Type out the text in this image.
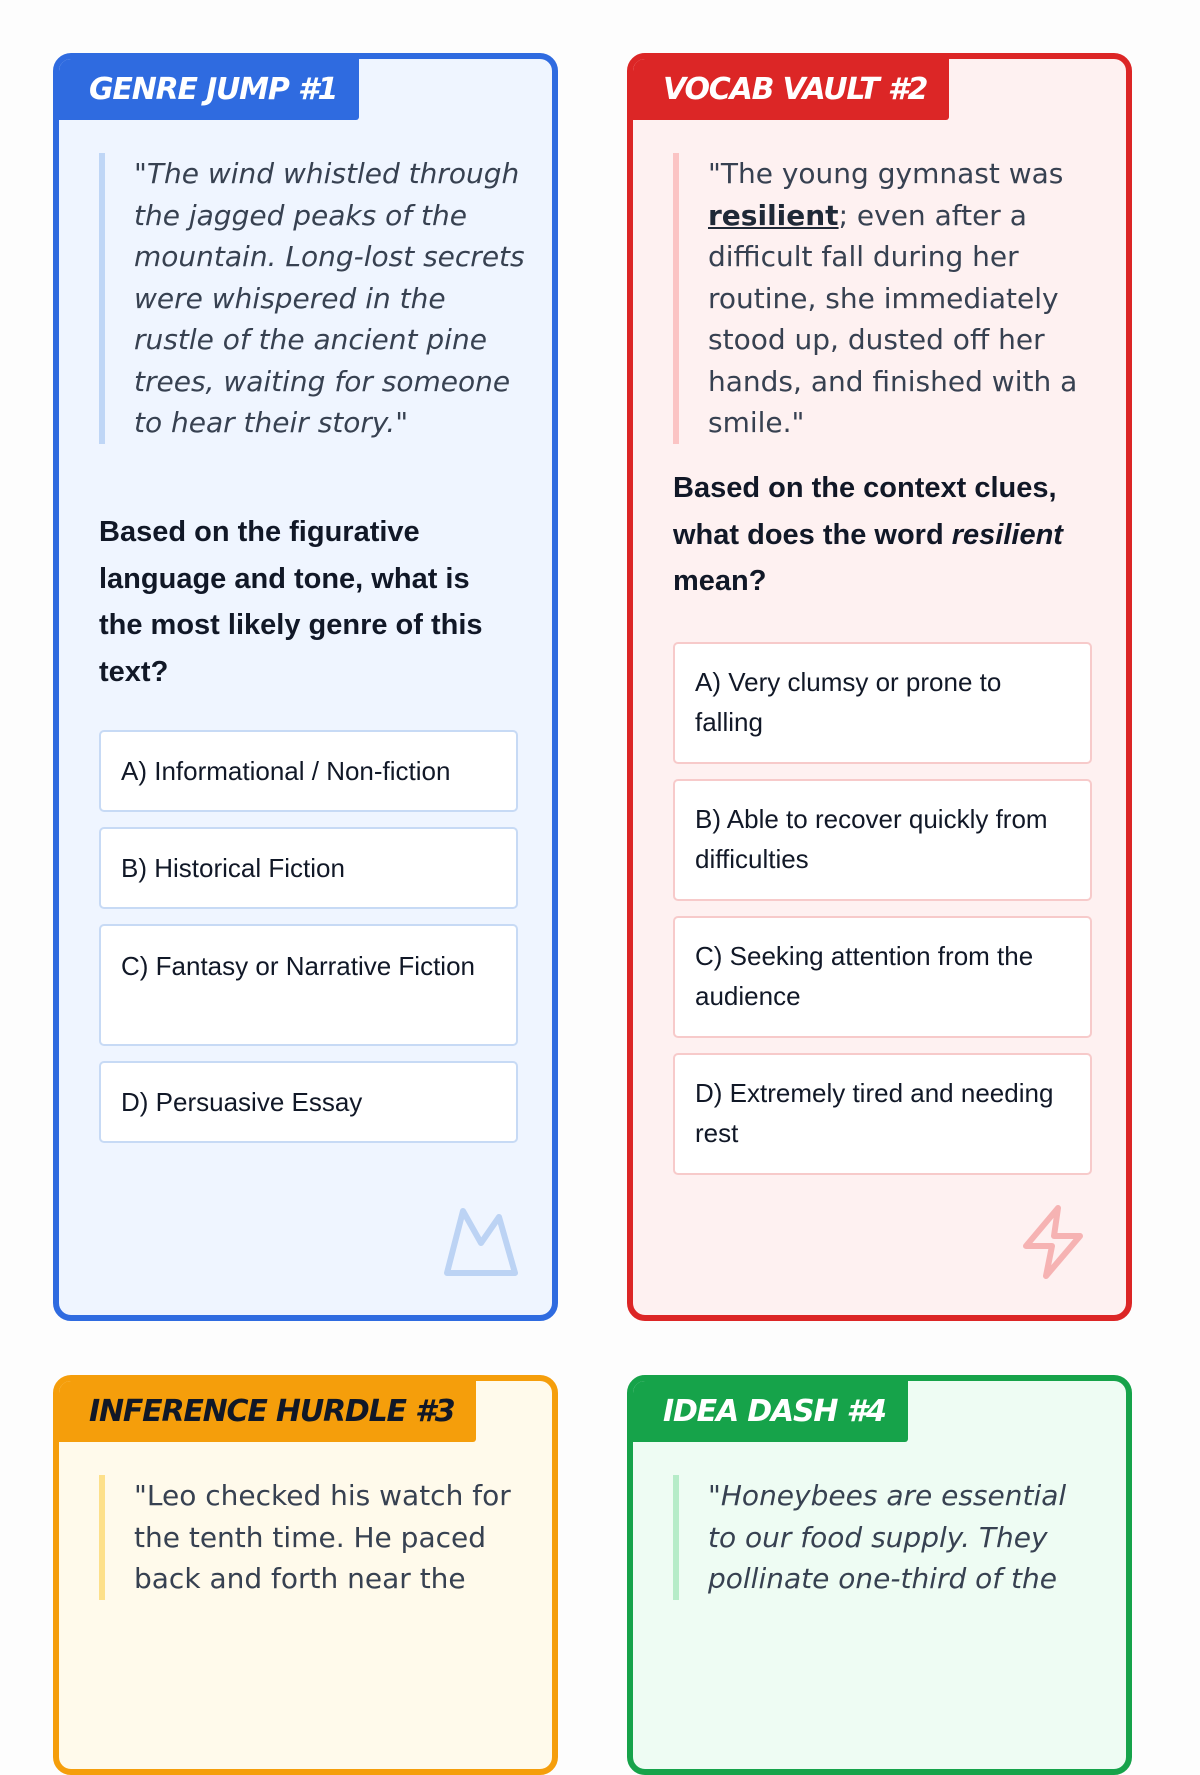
GENRE JUMP #1
"The wind whistled through the jagged peaks of the mountain. Long-lost secrets were whispered in the rustle of the ancient pine trees, waiting for someone to hear their story."
Based on the figurative language and tone, what is the most likely genre of this text?
A) Informational / Non-fiction
B) Historical Fiction
C) Fantasy or Narrative Fiction
D) Persuasive Essay
VOCAB VAULT #2
"The young gymnast was resilient; even after a difficult fall during her routine, she immediately stood up, dusted off her hands, and finished with a smile."
Based on the context clues, what does the word resilient mean?
A) Very clumsy or prone to falling
B) Able to recover quickly from difficulties
C) Seeking attention from the audience
D) Extremely tired and needing rest
INFERENCE HURDLE #3
"Leo checked his watch for the tenth time. He paced back and forth near the
IDEA DASH #4
"Honeybees are essential to our food supply. They pollinate one-third of the
